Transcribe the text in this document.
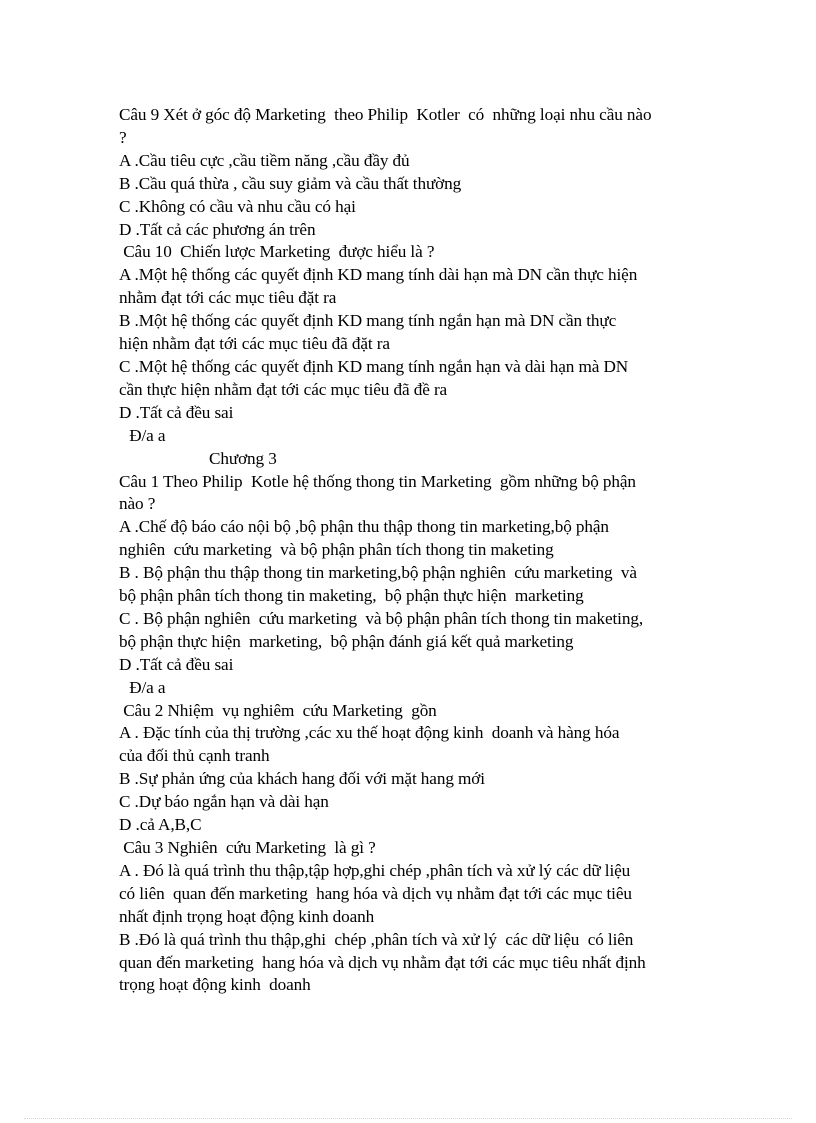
Câu 9 Xét ở góc độ Marketing  theo Philip  Kotler  có  những loại nhu cầu nào
?
A .Cầu tiêu cực ,cầu tiềm năng ,cầu đầy đủ
B .Cầu quá thừa , cầu suy giảm và cầu thất thường
C .Không có cầu và nhu cầu có hại
D .Tất cả các phương án trên
Câu 10  Chiến lược Marketing  được hiểu là ?
A .Một hệ thống các quyết định KD mang tính dài hạn mà DN cần thực hiện
nhằm đạt tới các mục tiêu đặt ra
B .Một hệ thống các quyết định KD mang tính ngắn hạn mà DN cần thực
hiện nhằm đạt tới các mục tiêu đã đặt ra
C .Một hệ thống các quyết định KD mang tính ngắn hạn và dài hạn mà DN
cần thực hiện nhằm đạt tới các mục tiêu đã đề ra
D .Tất cả đều sai
Đ/a a
Chương 3
Câu 1 Theo Philip  Kotle hệ thống thong tin Marketing  gồm những bộ phận
nào ?
A .Chế độ báo cáo nội bộ ,bộ phận thu thập thong tin marketing,bộ phận
nghiên  cứu marketing  và bộ phận phân tích thong tin maketing
B . Bộ phận thu thập thong tin marketing,bộ phận nghiên  cứu marketing  và
bộ phận phân tích thong tin maketing,  bộ phận thực hiện  marketing
C . Bộ phận nghiên  cứu marketing  và bộ phận phân tích thong tin maketing,
bộ phận thực hiện  marketing,  bộ phận đánh giá kết quả marketing
D .Tất cả đều sai
Đ/a a
Câu 2 Nhiệm  vụ nghiêm  cứu Marketing  gồn
A . Đặc tính của thị trường ,các xu thế hoạt động kinh  doanh và hàng hóa
của đối thủ cạnh tranh
B .Sự phản ứng của khách hang đối với mặt hang mới
C .Dự báo ngắn hạn và dài hạn
D .cả A,B,C
Câu 3 Nghiên  cứu Marketing  là gì ?
A . Đó là quá trình thu thập,tập hợp,ghi chép ,phân tích và xử lý các dữ liệu
có liên  quan đến marketing  hang hóa và dịch vụ nhằm đạt tới các mục tiêu
nhất định trọng hoạt động kinh doanh
B .Đó là quá trình thu thập,ghi  chép ,phân tích và xử lý  các dữ liệu  có liên
quan đến marketing  hang hóa và dịch vụ nhằm đạt tới các mục tiêu nhất định
trọng hoạt động kinh  doanh
